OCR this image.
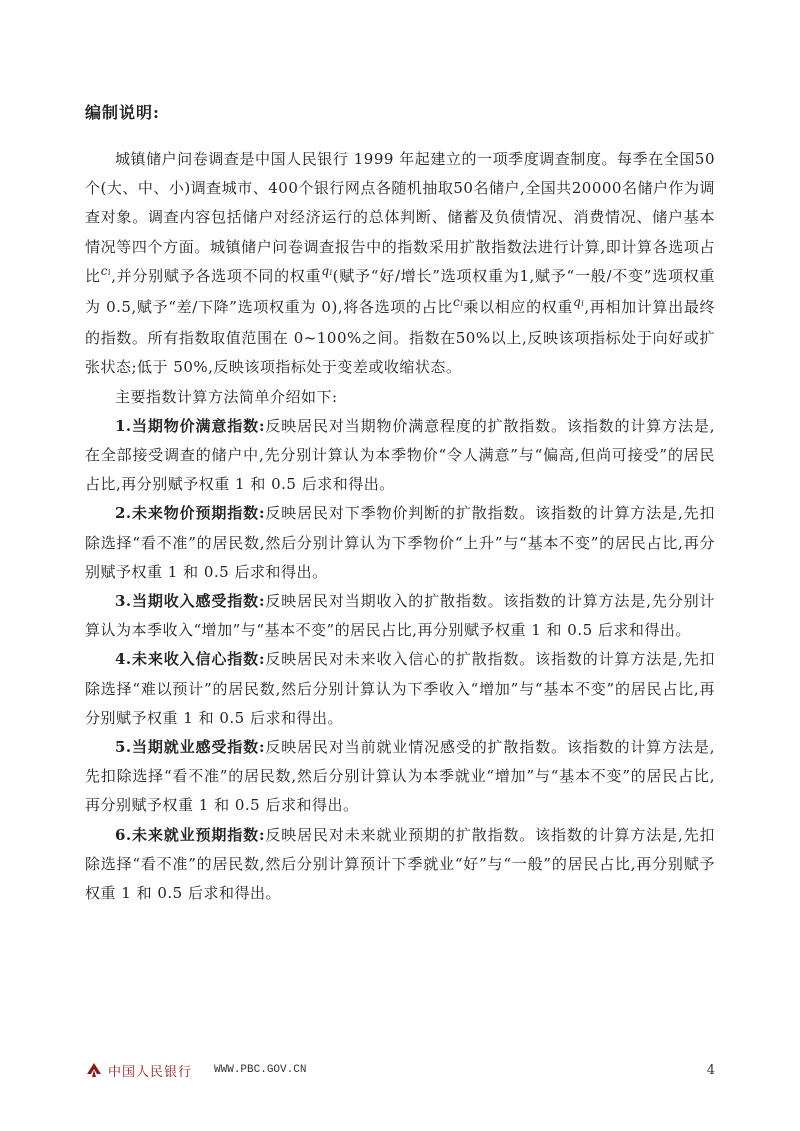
编制说明:

城镇储户问卷调查是中国人民银行 1999 年起建立的一项季度调查制度。每季在全国50个(大、中、小)调查城市、400个银行网点各随机抽取50名储户,全国共20000名储户作为调查对象。调查内容包括储户对经济运行的总体判断、储蓄及负债情况、消费情况、储户基本情况等四个方面。城镇储户问卷调查报告中的指数采用扩散指数法进行计算,即计算各选项占比$^{ci}$,并分别赋予各选项不同的权重$^{qi}$(赋予“好/增长”选项权重为1,赋予“一般/不变”选项权重为 0.5,赋予“差/下降”选项权重为 0),将各选项的占比$^{ci}$乘以相应的权重$^{qi}$,再相加计算出最终的指数。所有指数取值范围在 0~100%之间。指数在50%以上,反映该项指标处于向好或扩张状态;低于 50%,反映该项指标处于变差或收缩状态。

主要指数计算方法简单介绍如下:

1.当期物价满意指数:反映居民对当期物价满意程度的扩散指数。该指数的计算方法是,在全部接受调查的储户中,先分别计算认为本季物价“令人满意”与“偏高,但尚可接受”的居民占比,再分别赋予权重 1 和 0.5 后求和得出。

2.未来物价预期指数:反映居民对下季物价判断的扩散指数。该指数的计算方法是,先扣除选择“看不准”的居民数,然后分别计算认为下季物价“上升”与“基本不变”的居民占比,再分别赋予权重 1 和 0.5 后求和得出。

3.当期收入感受指数:反映居民对当期收入的扩散指数。该指数的计算方法是,先分别计算认为本季收入“增加”与“基本不变”的居民占比,再分别赋予权重 1 和 0.5 后求和得出。

4.未来收入信心指数:反映居民对未来收入信心的扩散指数。该指数的计算方法是,先扣除选择“难以预计”的居民数,然后分别计算认为下季收入“增加”与“基本不变”的居民占比,再分别赋予权重 1 和 0.5 后求和得出。

5.当期就业感受指数:反映居民对当前就业情况感受的扩散指数。该指数的计算方法是,先扣除选择“看不准”的居民数,然后分别计算认为本季就业“增加”与“基本不变”的居民占比,再分别赋予权重 1 和 0.5 后求和得出。

6.未来就业预期指数:反映居民对未来就业预期的扩散指数。该指数的计算方法是,先扣除选择“看不准”的居民数,然后分别计算预计下季就业“好”与“一般”的居民占比,再分别赋予权重 1 和 0.5 后求和得出。

中国人民银行 WWW.PBC.GOV.CN	4
